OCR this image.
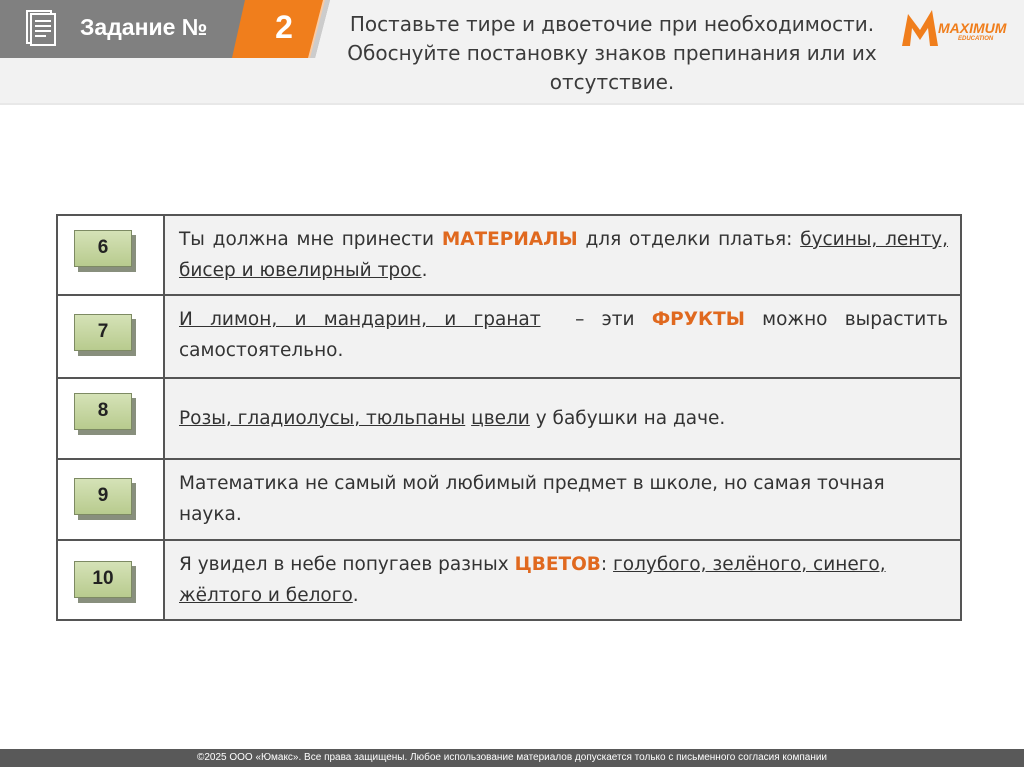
Задание №	2	Поставьте тире и двоеточие при необходимости. Обоснуйте постановку знаков препинания или их отсутствие.
MAXIMUM
EDUCATION
6	Ты должна мне принести МАТЕРИАЛЫ для отделки платья: бусины, ленту, бисер и ювелирный трос.

7	И лимон, и мандарин, и гранат  – эти ФРУКТЫ можно вырастить самостоятельно.

8	Розы, гладиолусы, тюльпаны цвели у бабушки на даче.

9	Математика не самый мой любимый предмет в школе, но самая точная наука.

10	Я увидел в небе попугаев разных ЦВЕТОВ: голубого, зелёного, синего, жёлтого и белого.
©2025 ООО «Юмакс». Все права защищены. Любое использование материалов допускается только с письменного согласия компании
